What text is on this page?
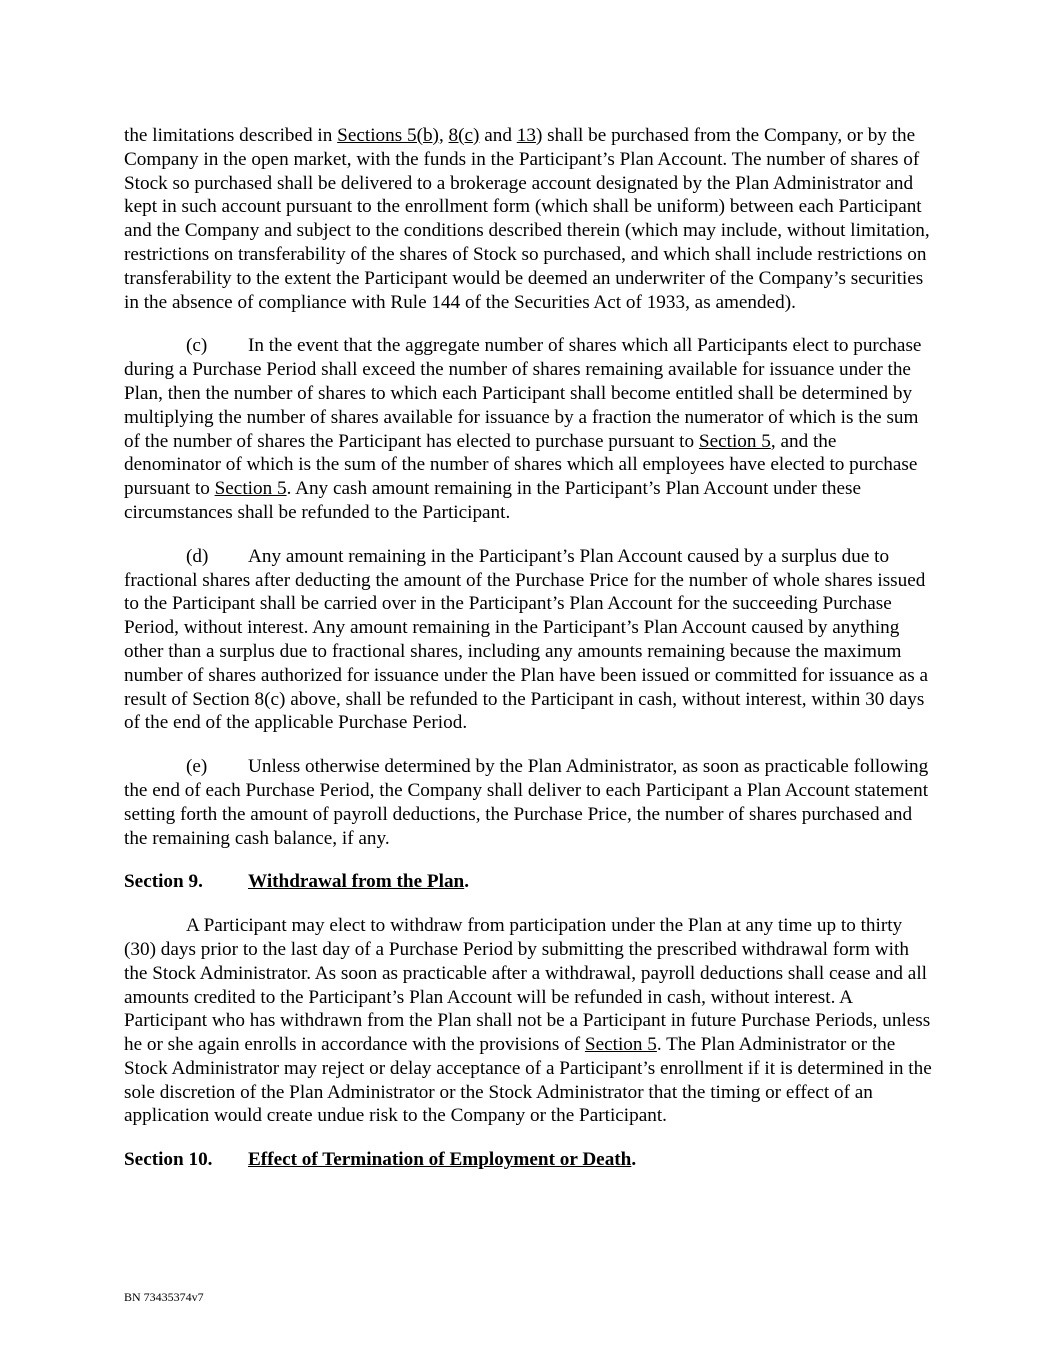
the limitations described in Sections 5(b), 8(c) and 13) shall be purchased from the Company, or by the Company in the open market, with the funds in the Participant’s Plan Account. The number of shares of Stock so purchased shall be delivered to a brokerage account designated by the Plan Administrator and kept in such account pursuant to the enrollment form (which shall be uniform) between each Participant and the Company and subject to the conditions described therein (which may include, without limitation, restrictions on transferability of the shares of Stock so purchased, and which shall include restrictions on transferability to the extent the Participant would be deemed an underwriter of the Company’s securities in the absence of compliance with Rule 144 of the Securities Act of 1933, as amended).

(c) In the event that the aggregate number of shares which all Participants elect to purchase during a Purchase Period shall exceed the number of shares remaining available for issuance under the Plan, then the number of shares to which each Participant shall become entitled shall be determined by multiplying the number of shares available for issuance by a fraction the numerator of which is the sum of the number of shares the Participant has elected to purchase pursuant to Section 5, and the denominator of which is the sum of the number of shares which all employees have elected to purchase pursuant to Section 5. Any cash amount remaining in the Participant’s Plan Account under these circumstances shall be refunded to the Participant.

(d) Any amount remaining in the Participant’s Plan Account caused by a surplus due to fractional shares after deducting the amount of the Purchase Price for the number of whole shares issued to the Participant shall be carried over in the Participant’s Plan Account for the succeeding Purchase Period, without interest. Any amount remaining in the Participant’s Plan Account caused by anything other than a surplus due to fractional shares, including any amounts remaining because the maximum number of shares authorized for issuance under the Plan have been issued or committed for issuance as a result of Section 8(c) above, shall be refunded to the Participant in cash, without interest, within 30 days of the end of the applicable Purchase Period.

(e) Unless otherwise determined by the Plan Administrator, as soon as practicable following the end of each Purchase Period, the Company shall deliver to each Participant a Plan Account statement setting forth the amount of payroll deductions, the Purchase Price, the number of shares purchased and the remaining cash balance, if any.

Section 9. Withdrawal from the Plan.

A Participant may elect to withdraw from participation under the Plan at any time up to thirty (30) days prior to the last day of a Purchase Period by submitting the prescribed withdrawal form with the Stock Administrator. As soon as practicable after a withdrawal, payroll deductions shall cease and all amounts credited to the Participant’s Plan Account will be refunded in cash, without interest. A Participant who has withdrawn from the Plan shall not be a Participant in future Purchase Periods, unless he or she again enrolls in accordance with the provisions of Section 5. The Plan Administrator or the Stock Administrator may reject or delay acceptance of a Participant’s enrollment if it is determined in the sole discretion of the Plan Administrator or the Stock Administrator that the timing or effect of an application would create undue risk to the Company or the Participant.

Section 10. Effect of Termination of Employment or Death.
BN 73435374v7
